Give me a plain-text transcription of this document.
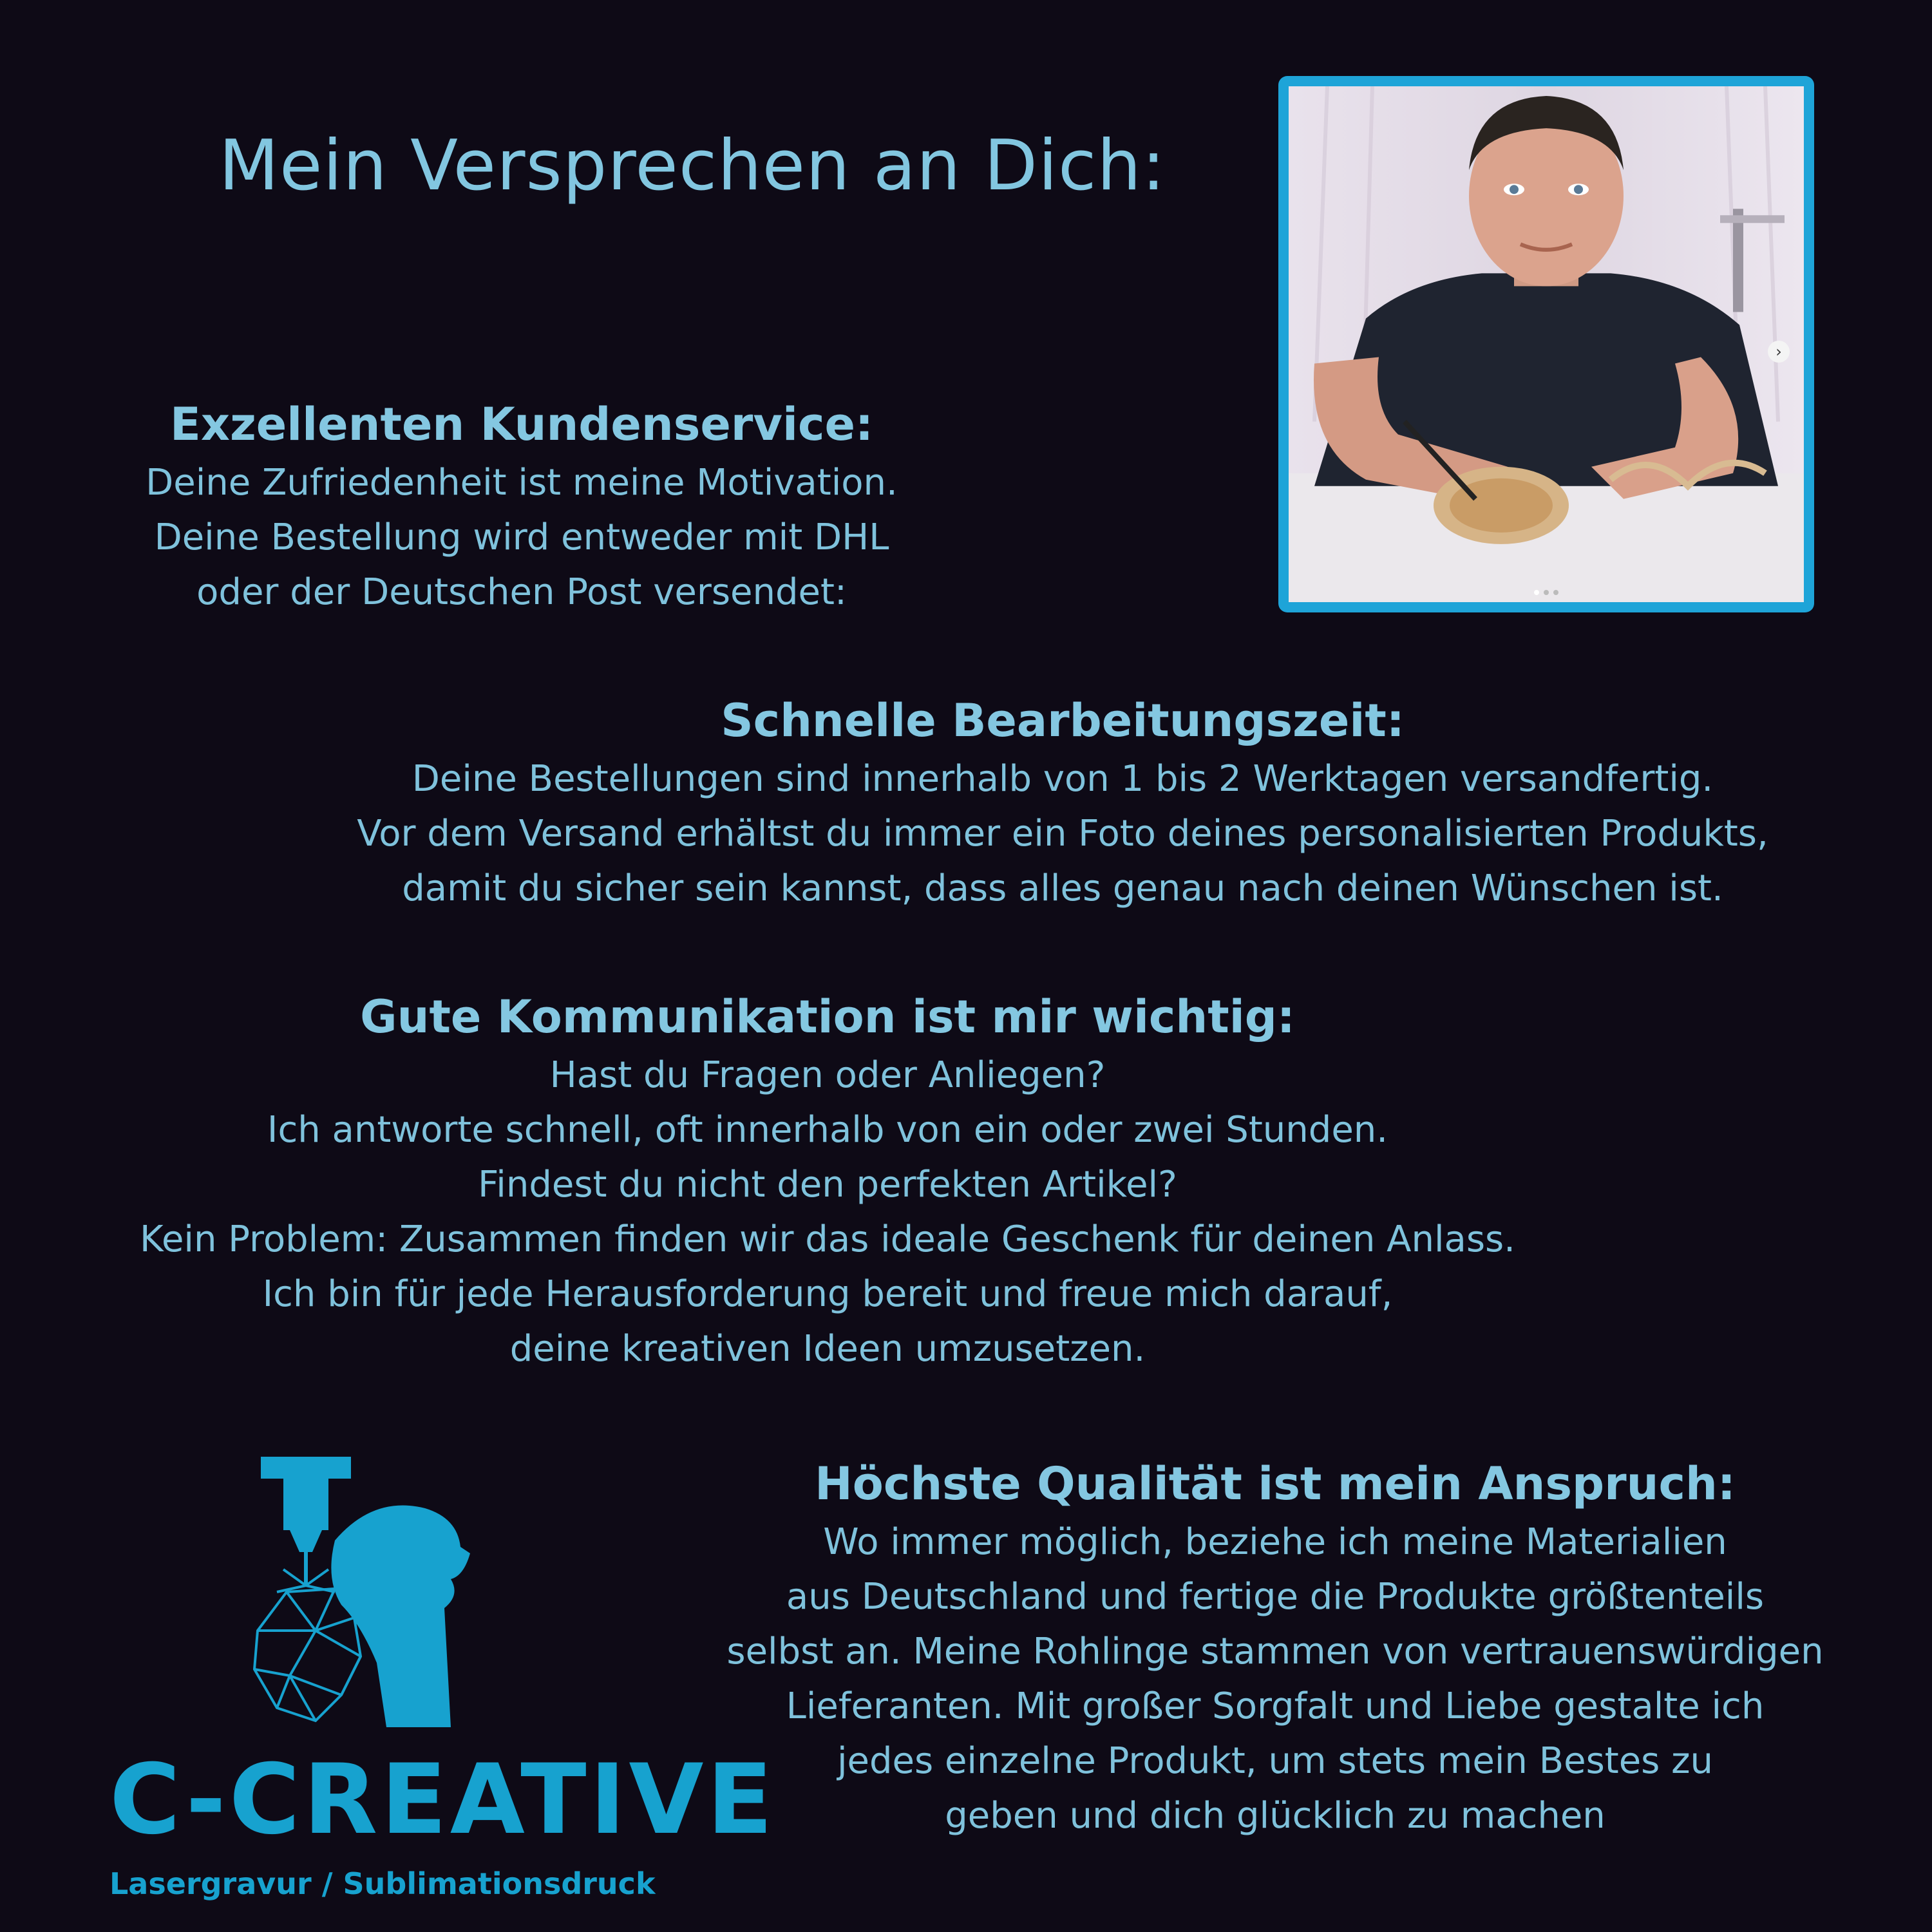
Mein Versprechen an Dich:
Exzellenten Kundenservice:
Deine Zufriedenheit ist meine Motivation.
Deine Bestellung wird entweder mit DHL
oder der Deutschen Post versendet:
Schnelle Bearbeitungszeit:
Deine Bestellungen sind innerhalb von 1 bis 2 Werktagen versandfertig.
Vor dem Versand erhältst du immer ein Foto deines personalisierten Produkts,
damit du sicher sein kannst, dass alles genau nach deinen Wünschen ist.
Gute Kommunikation ist mir wichtig:
Hast du Fragen oder Anliegen?
Ich antworte schnell, oft innerhalb von ein oder zwei Stunden.
Findest du nicht den perfekten Artikel?
Kein Problem: Zusammen finden wir das ideale Geschenk für deinen Anlass.
Ich bin für jede Herausforderung bereit und freue mich darauf,
deine kreativen Ideen umzusetzen.
Höchste Qualität ist mein Anspruch:
Wo immer möglich, beziehe ich meine Materialien
aus Deutschland und fertige die Produkte größtenteils
selbst an. Meine Rohlinge stammen von vertrauenswürdigen
Lieferanten. Mit großer Sorgfalt und Liebe gestalte ich
jedes einzelne Produkt, um stets mein Bestes zu
geben und dich glücklich zu machen
›
C-CREATIVE
Lasergravur / Sublimationsdruck
